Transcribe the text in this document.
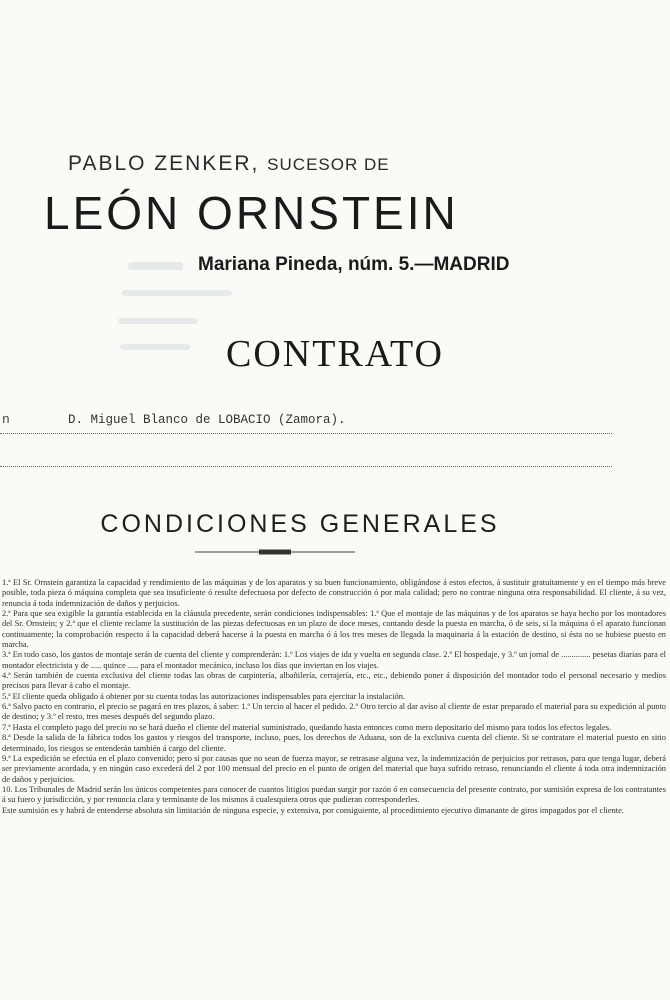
PABLO ZENKER, SUCESOR DE
LEÓN ORNSTEIN
Mariana Pineda, núm. 5.—MADRID
CONTRATO
n	D. Miguel Blanco de LOBACIO (Zamora).
CONDICIONES GENERALES

1.ª El Sr. Ornstein garantiza la capacidad y rendimiento de las máquinas y de los aparatos y su buen funcionamiento, obligándose á estos efectos, á sustituir gratuitamente y en el tiempo más breve posible, toda pieza ó máquina completa que sea insuficiente ó resulte defectuosa por defecto de construcción ó por mala calidad; pero no contrae ninguna otra responsabilidad. El cliente, á su vez, renuncia á toda indemnización de daños y perjuicios.

2.ª Para que sea exigible la garantía establecida en la cláusula precedente, serán condiciones indispensables: 1.ª Que el montaje de las máquinas y de los aparatos se haya hecho por los montadores del Sr. Ornstein; y 2.ª que el cliente reclame la sustitución de las piezas defectuosas en un plazo de doce meses, contando desde la puesta en marcha, ó de seis, si la máquina ó el aparato funcionan continuamente; la comprobación respecto á la capacidad deberá hacerse á la puesta en marcha ó á los tres meses de llegada la maquinaria á la estación de destino, si ésta no se hubiese puesto en marcha.

3.ª En todo caso, los gastos de montaje serán de cuenta del cliente y comprenderán: 1.º Los viajes de ida y vuelta en segunda clase. 2.º El hospedaje, y 3.º un jornal de .............. pesetas diarias para el montador electricista y de ..... quince ..... para el montador mecánico, incluso los días que inviertan en los viajes.

4.ª Serán también de cuenta exclusiva del cliente todas las obras de carpintería, albañilería, cerrajería, etc., etc., debiendo poner á disposición del montador todo el personal necesario y medios precisos para llevar á cabo el montaje.

5.ª El cliente queda obligado á obtener por su cuenta todas las autorizaciones indispensables para ejercitar la instalación.

6.ª Salvo pacto en contrario, el precio se pagará en tres plazos, á saber: 1.º Un tercio al hacer el pedido. 2.º Otro tercio al dar aviso al cliente de estar preparado el material para su expedición al punto de destino; y 3.º el resto, tres meses después del segundo plazo.

7.ª Hasta el completo pago del precio no se hará dueño el cliente del material suministrado, quedando hasta entonces como mero depositario del mismo para todos los efectos legales.

8.ª Desde la salida de la fábrica todos los gastos y riesgos del transporte, incluso, pues, los derechos de Aduana, son de la exclusiva cuenta del cliente. Si se contratare el material puesto en sitio determinado, los riesgos se entenderán también á cargo del cliente.

9.ª La expedición se efectúa en el plazo convenido; pero si por causas que no sean de fuerza mayor, se retrasase alguna vez, la indemnización de perjuicios por retrasos, para que tenga lugar, deberá ser previamente acordada, y en ningún caso excederá del 2 por 100 mensual del precio en el punto de origen del material que haya sufrido retraso, renunciando el cliente á toda otra indemnización de daños y perjuicios.

10. Los Tribunales de Madrid serán los únicos competentes para conocer de cuantos litigios puedan surgir por razón ó en consecuencia del presente contrato, por sumisión expresa de los contratantes á su fuero y jurisdicción, y por renuncia clara y terminante de los mismos á cualesquiera otros que pudieran corresponderles.

Este sumisión es y habrá de entenderse absoluta sin limitación de ninguna especie, y extensiva, por consiguiente, al procedimiento ejecutivo dimanante de giros impagados por el cliente.
